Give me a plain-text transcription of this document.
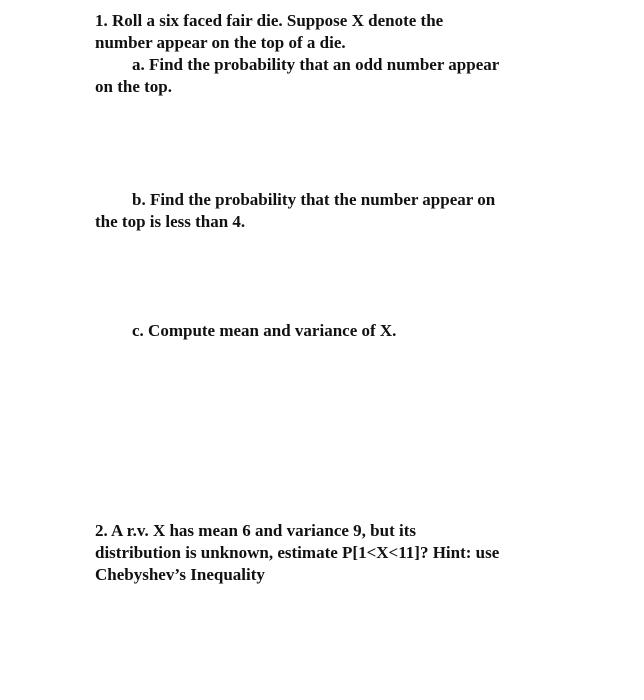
1. Roll a six faced fair die. Suppose X denote the
number appear on the top of a die.
a. Find the probability that an odd number appear
on the top.
b. Find the probability that the number appear on
the top is less than 4.
c. Compute mean and variance of X.
2. A r.v. X has mean 6 and variance 9, but its
distribution is unknown, estimate P[1<X<11]? Hint: use
Chebyshev’s Inequality
